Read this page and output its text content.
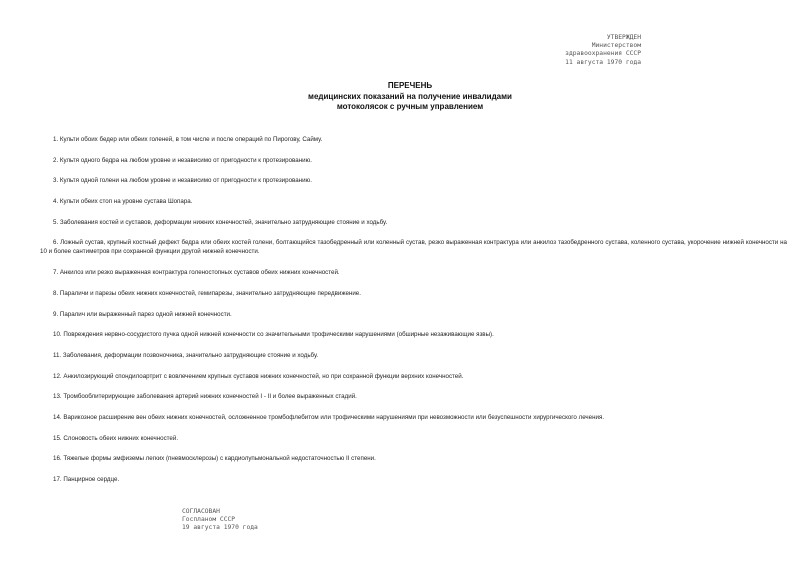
УТВЕРЖДЕН
Министерством
здравоохранения СССР
11 августа 1970 года
ПЕРЕЧЕНЬ
медицинских показаний на получение инвалидами
мотоколясок с ручным управлением

1. Культи обоих бедер или обеих голеней, в том числе и после операций по Пирогову, Сайму.

2. Культя одного бедра на любом уровне и независимо от пригодности к протезированию.

3. Культя одной голени на любом уровне и независимо от пригодности к протезированию.

4. Культи обеих стоп на уровне сустава Шопара.

5. Заболевания костей и суставов, деформации нижних конечностей, значительно затрудняющие стояние и ходьбу.

6. Ложный сустав, крупный костный дефект бедра или обеих костей голени, болтающийся тазобедренный или коленный сустав, резко выраженная контрактура или анкилоз тазобедренного сустава, коленного сустава, укорочение нижней конечности на 10 и более сантиметров при сохранной функции другой нижней конечности.

7. Анкилоз или резко выраженная контрактура голеностопных суставов обеих нижних конечностей.

8. Параличи и парезы обеих нижних конечностей, гемипарезы, значительно затрудняющие передвижение.

9. Паралич или выраженный парез одной нижней конечности.

10. Повреждения нервно-сосудистого пучка одной нижней конечности со значительными трофическими нарушениями (обширные незаживающие язвы).

11. Заболевания, деформации позвоночника, значительно затрудняющие стояние и ходьбу.

12. Анкилозирующий спондилоартрит с вовлечением крупных суставов нижних конечностей, но при сохранной функции верхних конечностей.

13. Тромбооблитерирующие заболевания артерий нижних конечностей I - II и более выраженных стадий.

14. Варикозное расширение вен обеих нижних конечностей, осложненное тромбофлебитом или трофическими нарушениями при невозможности или безуспешности хирургического лечения.

15. Слоновость обеих нижних конечностей.

16. Тяжелые формы эмфиземы легких (пневмосклерозы) с кардиолупьмональной недостаточностью II степени.

17. Панцирное сердце.

СОГЛАСОВАН
Госпланом СССР
19 августа 1970 года
